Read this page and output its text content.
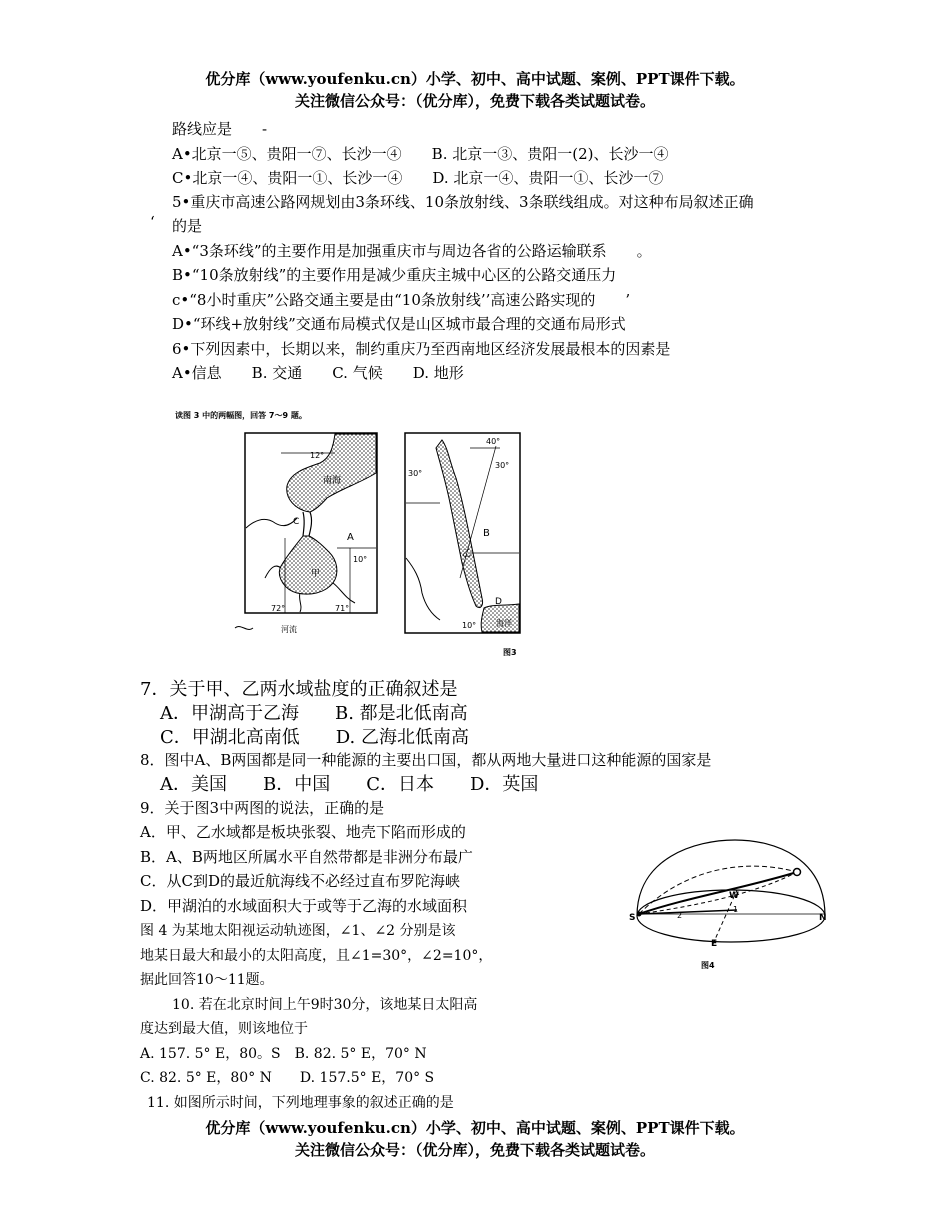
优分库（www.youfenku.cn）小学、初中、高中试题、案例、PPT课件下载。
关注微信公众号：（优分库），免费下载各类试题试卷。
路线应是　　-
A•北京一⑤、贵阳一⑦、长沙一④　　B. 北京一③、贵阳一(2)、长沙一④
C•北京一④、贵阳一①、长沙一④　　D. 北京一④、贵阳一①、长沙一⑦
5•重庆市高速公路网规划由3条环线、10条放射线、3条联线组成。对这种布局叙述正确
‘ 的是
A•“3条环线”的主要作用是加强重庆市与周边各省的公路运输联系　　。
B•“10条放射线”的主要作用是减少重庆主城中心区的公路交通压力
c•“8小时重庆”公路交通主要是由“10条放射线’’高速公路实现的　　’
D•“环线+放射线”交通布局模式仅是山区城市最合理的交通布局形式
6•下列因素中，长期以来，制约重庆乃至西南地区经济发展最根本的因素是
A•信息　　B. 交通　　C. 气候　　D. 地形
读图 3 中的两幅图，回答 7～9 题。
12°
南海
C
A
10°
甲
72°	71°
河流
40°
30°
30°
B
乙
D
10° 海洋
图3
7．关于甲、乙两水域盐度的正确叙述是
A．甲湖高于乙海　　B. 都是北低南高
C．甲湖北高南低　　D. 乙海北低南高
8．图中A、B两国都是同一种能源的主要出口国，都从两地大量进口这种能源的国家是
A．美国　　B．中国　　C．日本　　D．英国
9．关于图3中两图的说法，正确的是
A．甲、乙水域都是板块张裂、地壳下陷而形成的
B．A、B两地区所属水平自然带都是非洲分布最广
C．从C到D的最近航海线不必经过直布罗陀海峡
D．甲湖泊的水域面积大于或等于乙海的水域面积
图 4 为某地太阳视运动轨迹图，∠1、∠2 分别是该
地某日最大和最小的太阳高度，且∠1=30°，∠2=10°，
据此回答10～11题。
S	N
W
E
1
2
图4
10. 若在北京时间上午9时30分，该地某日太阳高
度达到最大值，则该地位于
A. 157. 5° E，80。S　B. 82. 5° E，70° N
C. 82. 5° E，80° N　　D. 157.5° E，70° S
11. 如图所示时间，下列地理事象的叙述正确的是
优分库（www.youfenku.cn）小学、初中、高中试题、案例、PPT课件下载。
关注微信公众号：（优分库），免费下载各类试题试卷。
